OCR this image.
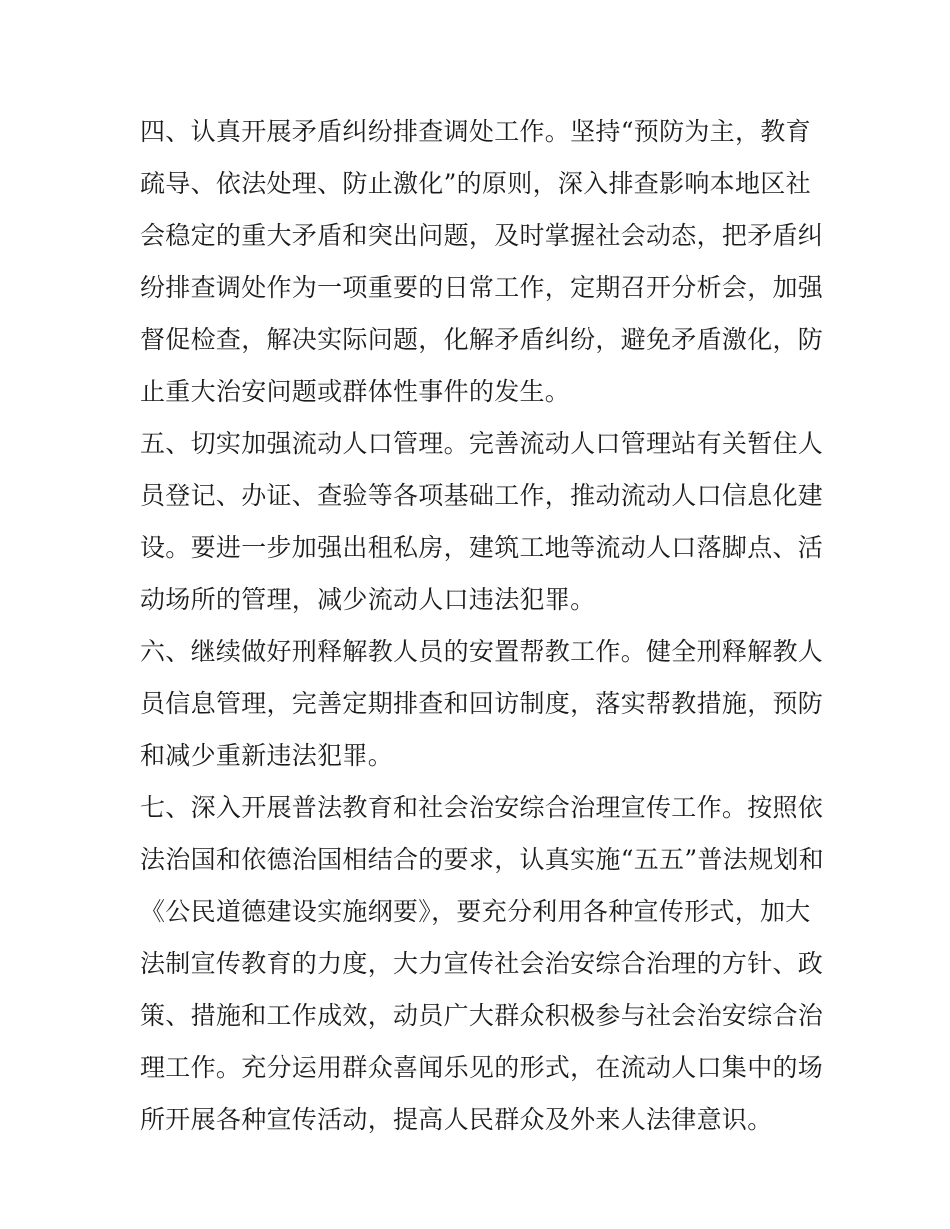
四、认真开展矛盾纠纷排查调处工作。坚持“预防为主，教育
疏导、依法处理、防止激化”的原则，深入排查影响本地区社
会稳定的重大矛盾和突出问题，及时掌握社会动态，把矛盾纠
纷排查调处作为一项重要的日常工作，定期召开分析会，加强
督促检查，解决实际问题，化解矛盾纠纷，避免矛盾激化，防
止重大治安问题或群体性事件的发生。
五、切实加强流动人口管理。完善流动人口管理站有关暂住人
员登记、办证、查验等各项基础工作，推动流动人口信息化建
设。要进一步加强出租私房，建筑工地等流动人口落脚点、活
动场所的管理，减少流动人口违法犯罪。
六、继续做好刑释解教人员的安置帮教工作。健全刑释解教人
员信息管理，完善定期排查和回访制度，落实帮教措施，预防
和减少重新违法犯罪。
七、深入开展普法教育和社会治安综合治理宣传工作。按照依
法治国和依德治国相结合的要求，认真实施“五五”普法规划和
《公民道德建设实施纲要》，要充分利用各种宣传形式，加大
法制宣传教育的力度，大力宣传社会治安综合治理的方针、政
策、措施和工作成效，动员广大群众积极参与社会治安综合治
理工作。充分运用群众喜闻乐见的形式，在流动人口集中的场
所开展各种宣传活动，提高人民群众及外来人法律意识。
